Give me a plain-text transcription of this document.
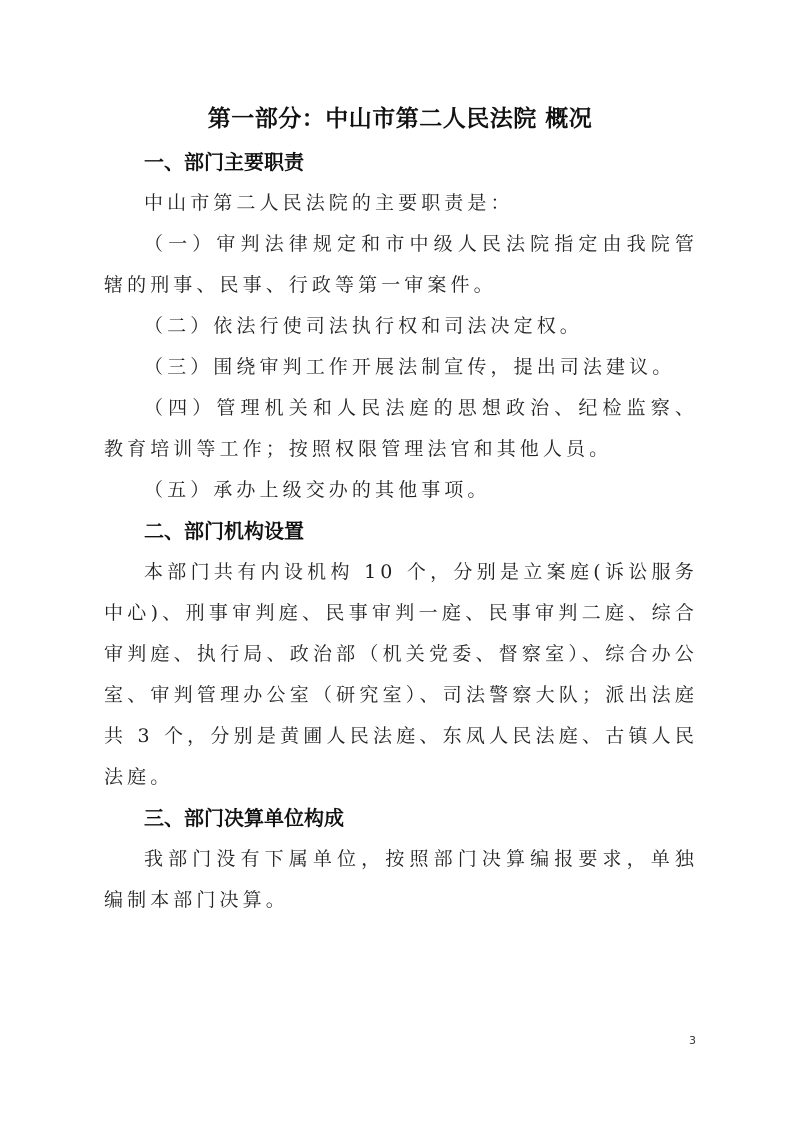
第一部分：中山市第二人民法院 概况
一、部门主要职责

中山市第二人民法院的主要职责是：

（一）审判法律规定和市中级人民法院指定由我院管辖的刑事、民事、行政等第一审案件。

（二）依法行使司法执行权和司法决定权。

（三）围绕审判工作开展法制宣传，提出司法建议。

（四）管理机关和人民法庭的思想政治、纪检监察、教育培训等工作；按照权限管理法官和其他人员。

（五）承办上级交办的其他事项。

二、部门机构设置

本部门共有内设机构 10 个，分别是立案庭(诉讼服务中心)、刑事审判庭、民事审判一庭、民事审判二庭、综合审判庭、执行局、政治部（机关党委、督察室）、综合办公室、审判管理办公室（研究室）、司法警察大队；派出法庭共 3 个，分别是黄圃人民法庭、东凤人民法庭、古镇人民法庭。

三、部门决算单位构成

我部门没有下属单位，按照部门决算编报要求，单独编制本部门决算。

3
